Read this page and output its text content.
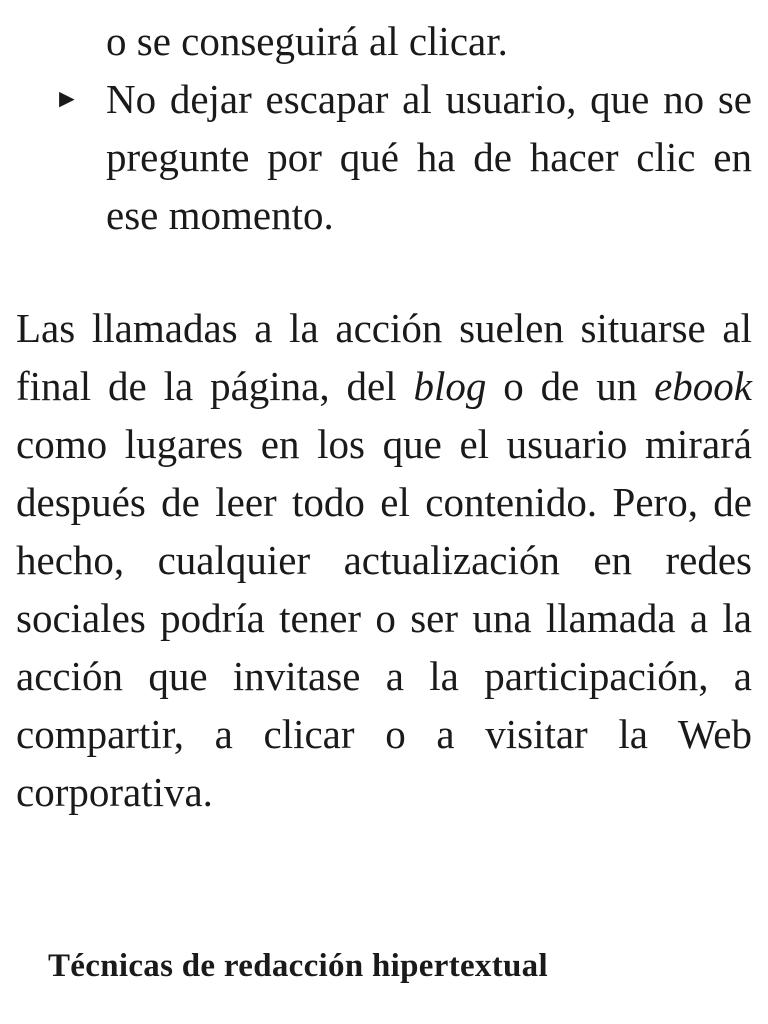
o se conseguirá al clicar.

► No dejar escapar al usuario, que no se pregunte por qué ha de hacer clic en ese momento.

Las llamadas a la acción suelen situarse al final de la página, del blog o de un ebook como lugares en los que el usuario mirará después de leer todo el contenido. Pero, de hecho, cualquier actualización en redes sociales podría tener o ser una llamada a la acción que invitase a la participación, a compartir, a clicar o a visitar la Web corporativa.

Técnicas de redacción hipertextual
